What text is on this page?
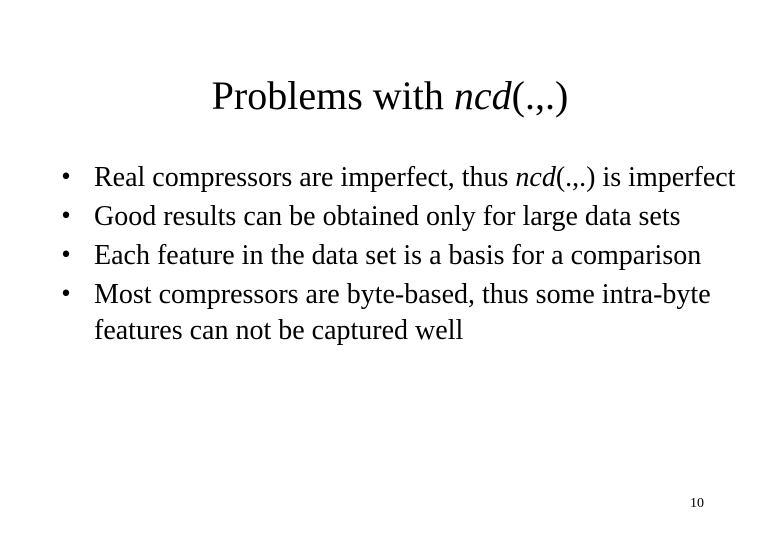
Problems with ncd(.,.)
• Real compressors are imperfect, thus ncd(.,.) is imperfect
• Good results can be obtained only for large data sets
• Each feature in the data set is a basis for a comparison
• Most compressors are byte-based, thus some intra-byte features can not be captured well
10
